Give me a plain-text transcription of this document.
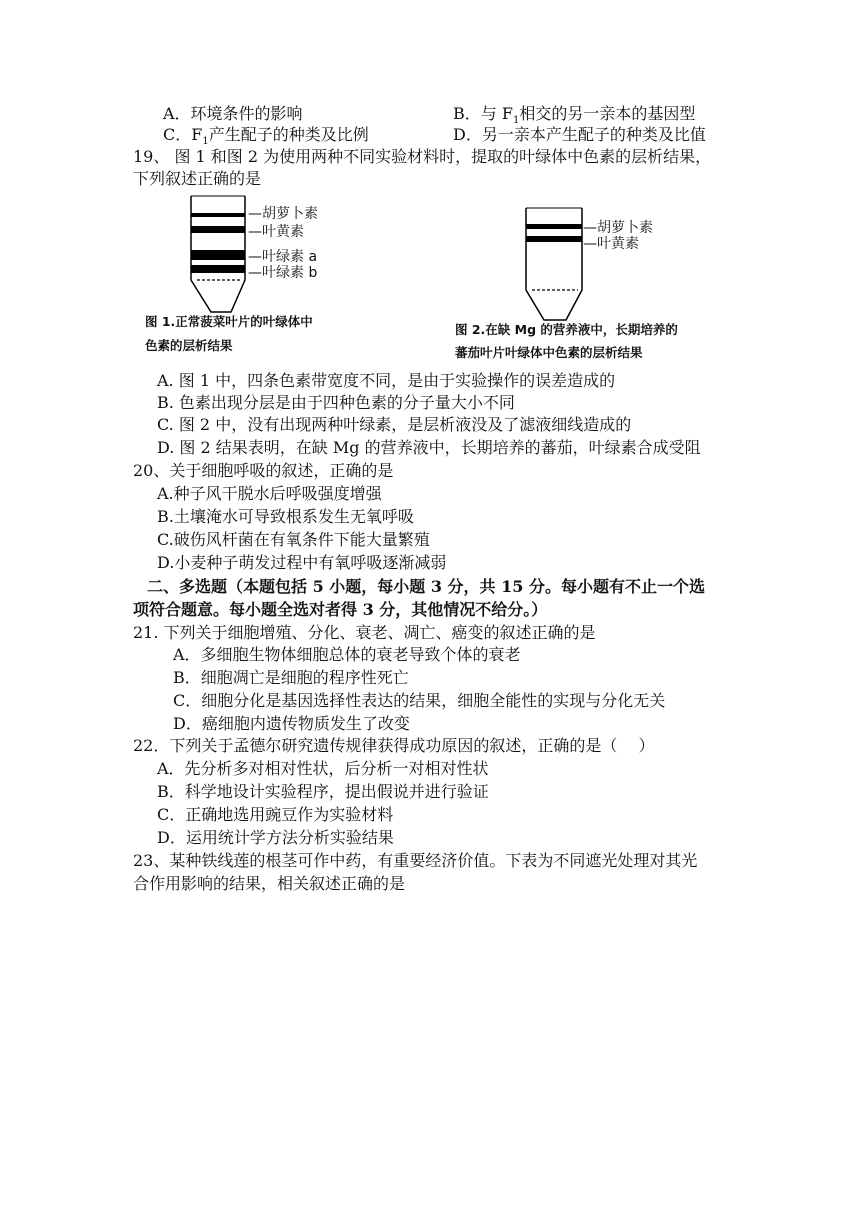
A．环境条件的影响	B．与 $F_1$相交的另一亲本的基因型
C．$F_1$产生配子的种类及比例	D．另一亲本产生配子的种类及比值
19、 图 1 和图 2 为使用两种不同实验材料时，提取的叶绿体中色素的层析结果，
下列叙述正确的是
—胡萝卜素
—叶黄素
—叶绿素 a
—叶绿素 b
图 1.正常菠菜叶片的叶绿体中
色素的层析结果
—胡萝卜素
—叶黄素
图 2.在缺 Mg 的营养液中，长期培养的
蕃茄叶片叶绿体中色素的层析结果
A. 图 1 中，四条色素带宽度不同，是由于实验操作的误差造成的
B. 色素出现分层是由于四种色素的分子量大小不同
C. 图 2 中，没有出现两种叶绿素，是层析液没及了滤液细线造成的
D. 图 2 结果表明，在缺 Mg 的营养液中，长期培养的蕃茄，叶绿素合成受阻
20、关于细胞呼吸的叙述，正确的是
A.种子风干脱水后呼吸强度增强
B.土壤淹水可导致根系发生无氧呼吸
C.破伤风杆菌在有氧条件下能大量繁殖
D.小麦种子萌发过程中有氧呼吸逐渐减弱
二、多选题（本题包括 5 小题，每小题 3 分，共 15 分。每小题有不止一个选
项符合题意。每小题全选对者得 3 分，其他情况不给分。）
21. 下列关于细胞增殖、分化、衰老、凋亡、癌变的叙述正确的是
A．多细胞生物体细胞总体的衰老导致个体的衰老
B．细胞凋亡是细胞的程序性死亡
C．细胞分化是基因选择性表达的结果，细胞全能性的实现与分化无关
D．癌细胞内遗传物质发生了改变
22．下列关于孟德尔研究遗传规律获得成功原因的叙述，正确的是（　 ）
A．先分析多对相对性状，后分析一对相对性状
B．科学地设计实验程序，提出假说并进行验证
C．正确地选用豌豆作为实验材料
D．运用统计学方法分析实验结果
23、某种铁线莲的根茎可作中药，有重要经济价值。下表为不同遮光处理对其光
合作用影响的结果，相关叙述正确的是
